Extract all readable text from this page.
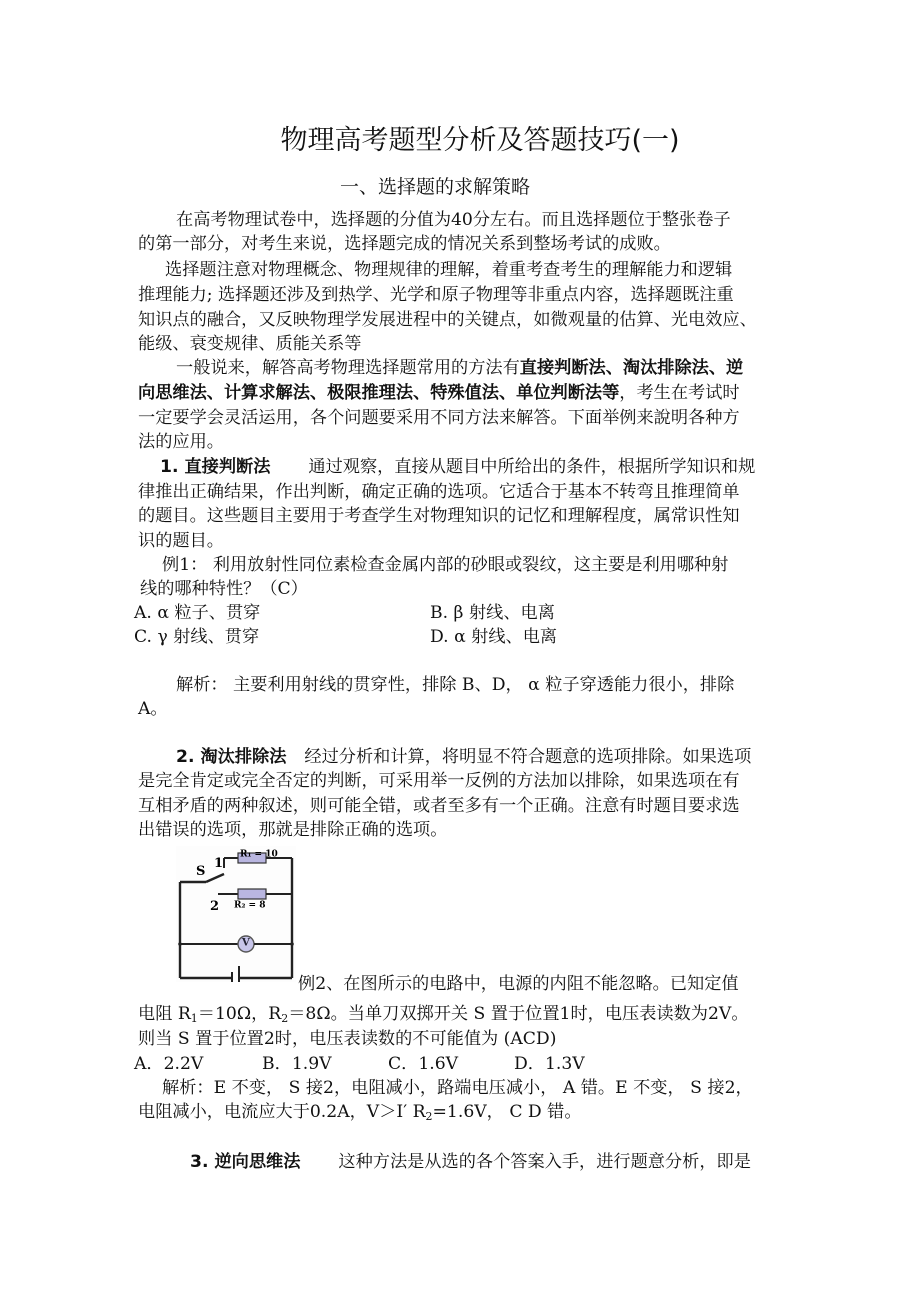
物理高考题型分析及答题技巧(一)
一、选择题的求解策略
在高考物理试卷中，选择题的分值为40分左右。而且选择题位于整张卷子
的第一部分，对考生来说，选择题完成的情况关系到整场考试的成败。
选择题注意对物理概念、物理规律的理解，着重考查考生的理解能力和逻辑
推理能力; 选择题还涉及到热学、光学和原子物理等非重点内容，选择题既注重
知识点的融合，又反映物理学发展进程中的关键点，如微观量的估算、光电效应、
能级、衰变规律、质能关系等
一般说来，解答高考物理选择题常用的方法有直接判断法、淘汰排除法、逆
向思维法、计算求解法、极限推理法、特殊值法、单位判断法等，考生在考试时
一定要学会灵活运用，各个问题要采用不同方法来解答。下面举例来說明各种方
法的应用。
1. 直接判断法 通过观察，直接从题目中所给出的条件，根据所学知识和规
律推出正确结果，作出判断，确定正确的选项。它适合于基本不转弯且推理简单
的题目。这些题目主要用于考查学生对物理知识的记忆和理解程度，属常识性知
识的题目。
例1： 利用放射性同位素检查金属内部的砂眼或裂纹，这主要是利用哪种射
线的哪种特性？（C）
A. α 粒子、贯穿	B. β 射线、电离
C. γ 射线、贯穿	D. α 射线、电离
解析： 主要利用射线的贯穿性，排除 B、D， α 粒子穿透能力很小，排除
A。
2. 淘汰排除法 经过分析和计算，将明显不符合题意的选项排除。如果选项
是完全肯定或完全否定的判断，可采用举一反例的方法加以排除，如果选项在有
互相矛盾的两种叙述，则可能全错，或者至多有一个正确。注意有时题目要求选
出错误的选项，那就是排除正确的选项。
R₁ = 10
R₂ = 8
S
1
2
V
例2、在图所示的电路中，电源的内阻不能忽略。已知定值
电阻 $R_1=10\Omega$，$R_2=8\Omega$。当单刀双掷开关 S 置于位置1时，电压表读数为2V。
则当 S 置于位置2时，电压表读数的不可能值为 (ACD)
A．2.2V	B．1.9V	C．1.6V	D．1.3V
解析：E 不变， S 接2，电阻减小，路端电压减小， A 错。E 不变， S 接2，
电阻减小，电流应大于0.2A，V＞I′ $R_2=1.6V$， C D 错。
3. 逆向思维法 这种方法是从选的各个答案入手，进行题意分析，即是
